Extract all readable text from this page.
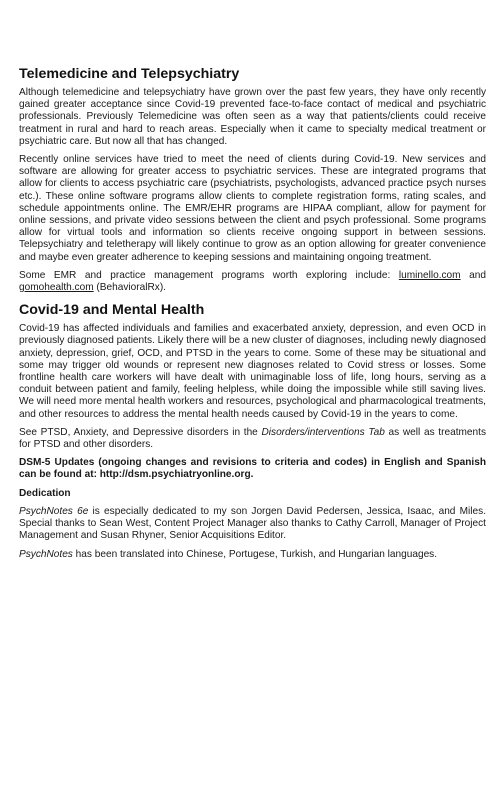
Telemedicine and Telepsychiatry

Although telemedicine and telepsychiatry have grown over the past few years, they have only recently gained greater acceptance since Covid-19 prevented face-to-face contact of medical and psychiatric professionals. Previously Telemedicine was often seen as a way that patients/clients could receive treatment in rural and hard to reach areas. Especially when it came to specialty medical treatment or psychiatric care. But now all that has changed.

Recently online services have tried to meet the need of clients during Covid-19. New services and software are allowing for greater access to psychiatric services. These are integrated programs that allow for clients to access psychiatric care (psychiatrists, psychologists, advanced practice psych nurses etc.). These online software programs allow clients to complete registration forms, rating scales, and schedule appointments online. The EMR/EHR programs are HIPAA compliant, allow for payment for online sessions, and private video sessions between the client and psych professional. Some programs allow for virtual tools and information so clients receive ongoing support in between sessions. Telepsychiatry and teletherapy will likely continue to grow as an option allowing for greater convenience and maybe even greater adherence to keeping sessions and maintaining ongoing treatment.

Some EMR and practice management programs worth exploring include: luminello.com and gomohealth.com (BehavioralRx).

Covid-19 and Mental Health

Covid-19 has affected individuals and families and exacerbated anxiety, depression, and even OCD in previously diagnosed patients. Likely there will be a new cluster of diagnoses, including newly diagnosed anxiety, depression, grief, OCD, and PTSD in the years to come. Some of these may be situational and some may trigger old wounds or represent new diagnoses related to Covid stress or losses. Some frontline health care workers will have dealt with unimaginable loss of life, long hours, serving as a conduit between patient and family, feeling helpless, while doing the impossible while still saving lives. We will need more mental health workers and resources, psychological and pharmacological treatments, and other resources to address the mental health needs caused by Covid-19 in the years to come.

See PTSD, Anxiety, and Depressive disorders in the Disorders/interventions Tab as well as treatments for PTSD and other disorders.

DSM-5 Updates (ongoing changes and revisions to criteria and codes) in English and Spanish can be found at: http://dsm.psychiatryonline.org.

Dedication

PsychNotes 6e is especially dedicated to my son Jorgen David Pedersen, Jessica, Isaac, and Miles. Special thanks to Sean West, Content Project Manager also thanks to Cathy Carroll, Manager of Project Management and Susan Rhyner, Senior Acquisitions Editor.

PsychNotes has been translated into Chinese, Portugese, Turkish, and Hungarian languages.
